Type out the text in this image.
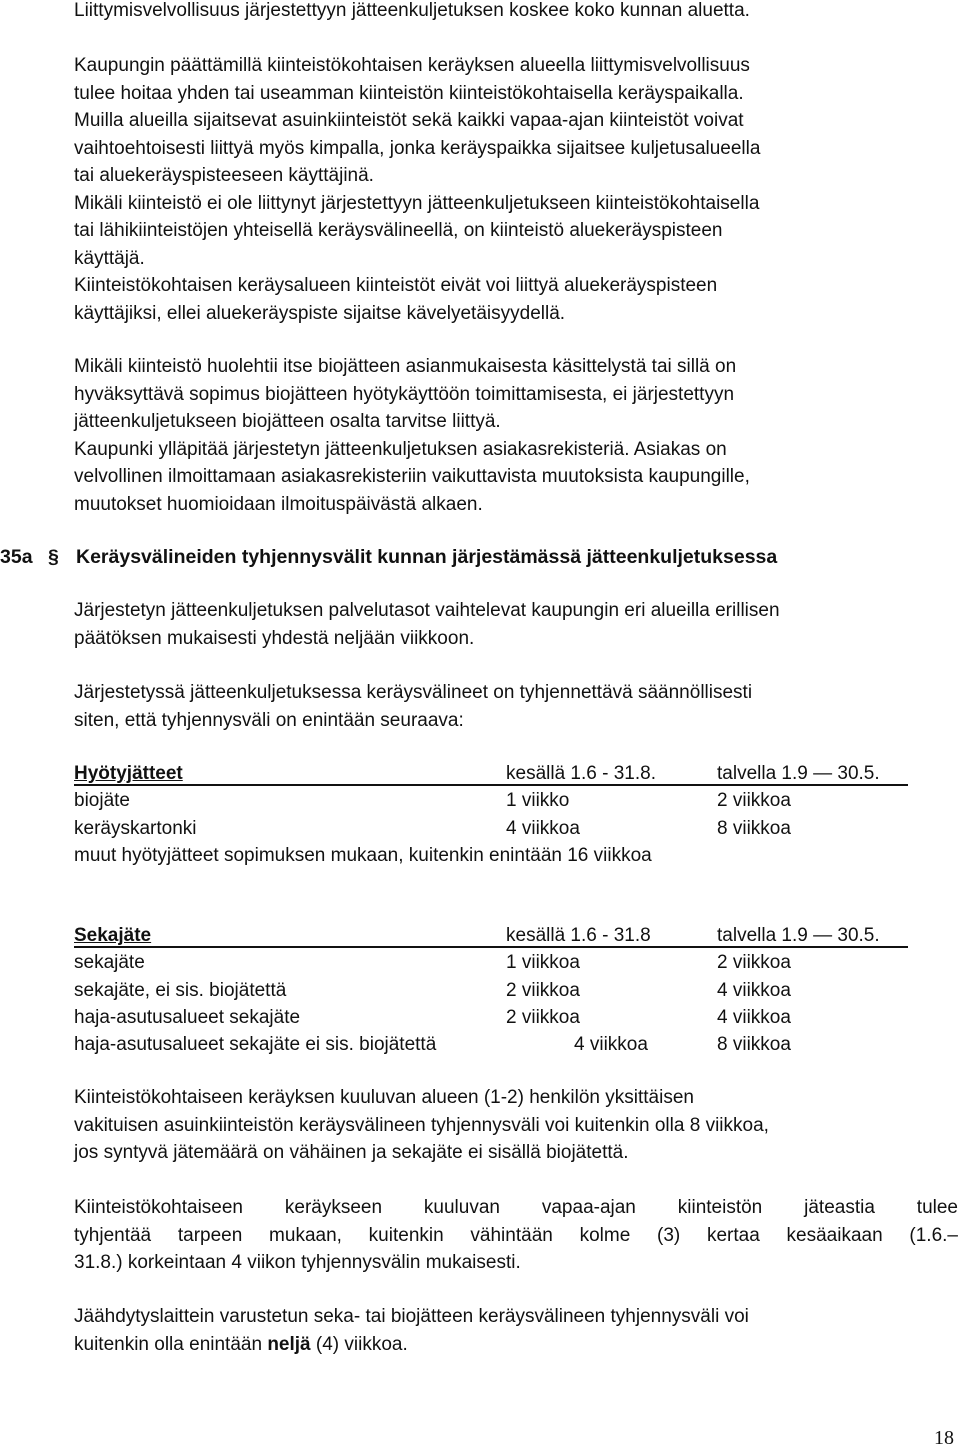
Liittymisvelvollisuus järjestettyyn jätteenkuljetuksen koskee koko kunnan aluetta.
Kaupungin päättämillä kiinteistökohtaisen keräyksen alueella liittymisvelvollisuus
tulee hoitaa yhden tai useamman kiinteistön kiinteistökohtaisella keräyspaikalla.
Muilla alueilla sijaitsevat asuinkiinteistöt sekä kaikki vapaa-ajan kiinteistöt voivat
vaihtoehtoisesti liittyä myös kimpalla, jonka keräyspaikka sijaitsee kuljetusalueella
tai aluekeräyspisteeseen käyttäjinä.
Mikäli kiinteistö ei ole liittynyt järjestettyyn jätteenkuljetukseen kiinteistökohtaisella
tai lähikiinteistöjen yhteisellä keräysvälineellä, on kiinteistö aluekeräyspisteen
käyttäjä.
Kiinteistökohtaisen keräysalueen kiinteistöt eivät voi liittyä aluekeräyspisteen
käyttäjiksi, ellei aluekeräyspiste sijaitse kävelyetäisyydellä.
Mikäli kiinteistö huolehtii itse biojätteen asianmukaisesta käsittelystä tai sillä on
hyväksyttävä sopimus biojätteen hyötykäyttöön toimittamisesta, ei järjestettyyn
jätteenkuljetukseen biojätteen osalta tarvitse liittyä.
Kaupunki ylläpitää järjestetyn jätteenkuljetuksen asiakasrekisteriä. Asiakas on
velvollinen ilmoittamaan asiakasrekisteriin vaikuttavista muutoksista kaupungille,
muutokset huomioidaan ilmoituspäivästä alkaen.
35a § Keräysvälineiden tyhjennysvälit kunnan järjestämässä jätteenkuljetuksessa
Järjestetyn jätteenkuljetuksen palvelutasot vaihtelevat kaupungin eri alueilla erillisen
päätöksen mukaisesti yhdestä neljään viikkoon.
Järjestetyssä jätteenkuljetuksessa keräysvälineet on tyhjennettävä säännöllisesti
siten, että tyhjennysväli on enintään seuraava:
Hyötyjätteet	kesällä 1.6 - 31.8.	talvella 1.9 — 30.5.
biojäte	1 viikko	2 viikkoa
keräyskartonki	4 viikkoa	8 viikkoa
muut hyötyjätteet sopimuksen mukaan, kuitenkin enintään 16 viikkoa
Sekajäte	kesällä 1.6 - 31.8	talvella 1.9 — 30.5.
sekajäte	1 viikkoa	2 viikkoa
sekajäte, ei sis. biojätettä	2 viikkoa	4 viikkoa
haja-asutusalueet sekajäte	2 viikkoa	4 viikkoa
haja-asutusalueet sekajäte ei sis. biojätettä	4 viikkoa	8 viikkoa
Kiinteistökohtaiseen keräyksen kuuluvan alueen (1-2) henkilön yksittäisen
vakituisen asuinkiinteistön keräysvälineen tyhjennysväli voi kuitenkin olla 8 viikkoa,
jos syntyvä jätemäärä on vähäinen ja sekajäte ei sisällä biojätettä.
Kiinteistökohtaiseen keräykseen kuuluvan vapaa-ajan kiinteistön jäteastia tulee
tyhjentää tarpeen mukaan, kuitenkin vähintään kolme (3) kertaa kesäaikaan (1.6.–
31.8.) korkeintaan 4 viikon tyhjennysvälin mukaisesti.
Jäähdytyslaittein varustetun seka- tai biojätteen keräysvälineen tyhjennysväli voi
kuitenkin olla enintään neljä (4) viikkoa.
18
